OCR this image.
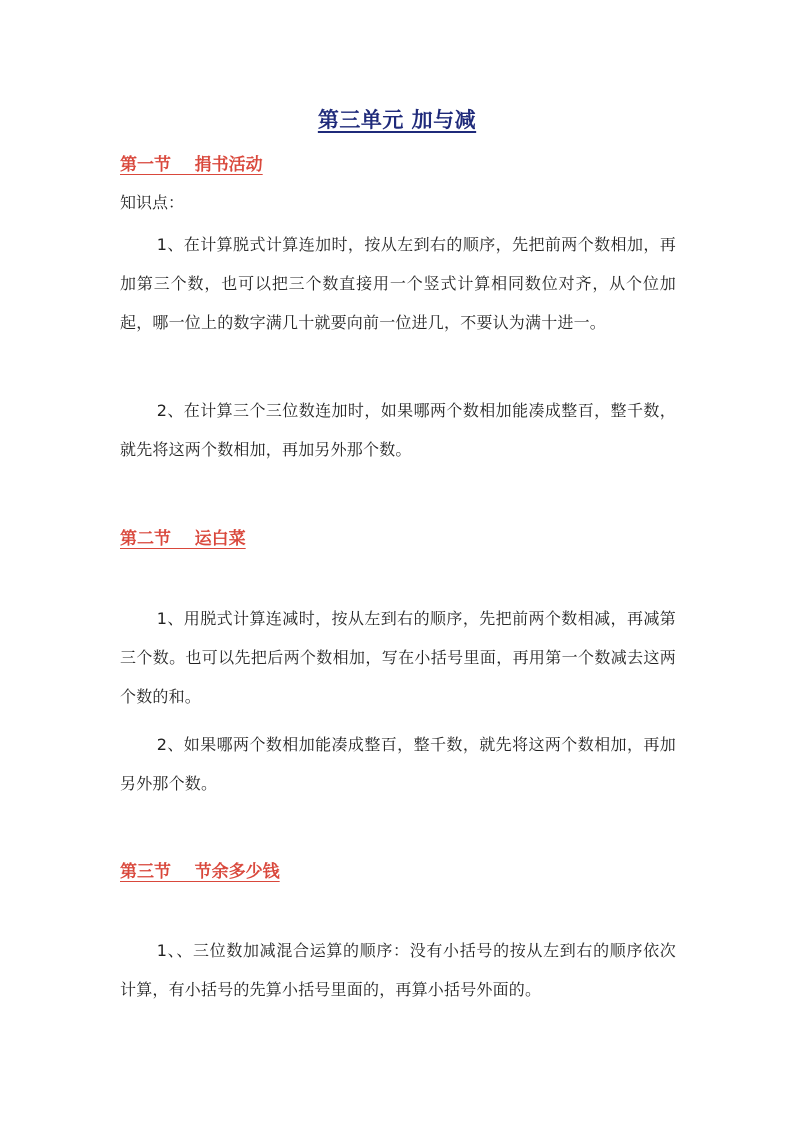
第三单元 加与减
第一节    捐书活动
知识点：
1、在计算脱式计算连加时，按从左到右的顺序，先把前两个数相加，再加第三个数，也可以把三个数直接用一个竖式计算相同数位对齐，从个位加起，哪一位上的数字满几十就要向前一位进几，不要认为满十进一。
2、在计算三个三位数连加时，如果哪两个数相加能凑成整百，整千数，就先将这两个数相加，再加另外那个数。
第二节    运白菜
1、用脱式计算连减时，按从左到右的顺序，先把前两个数相减，再减第三个数。也可以先把后两个数相加，写在小括号里面，再用第一个数减去这两个数的和。
2、如果哪两个数相加能凑成整百，整千数，就先将这两个数相加，再加另外那个数。
第三节    节余多少钱
1、、三位数加减混合运算的顺序：没有小括号的按从左到右的顺序依次计算，有小括号的先算小括号里面的，再算小括号外面的。
